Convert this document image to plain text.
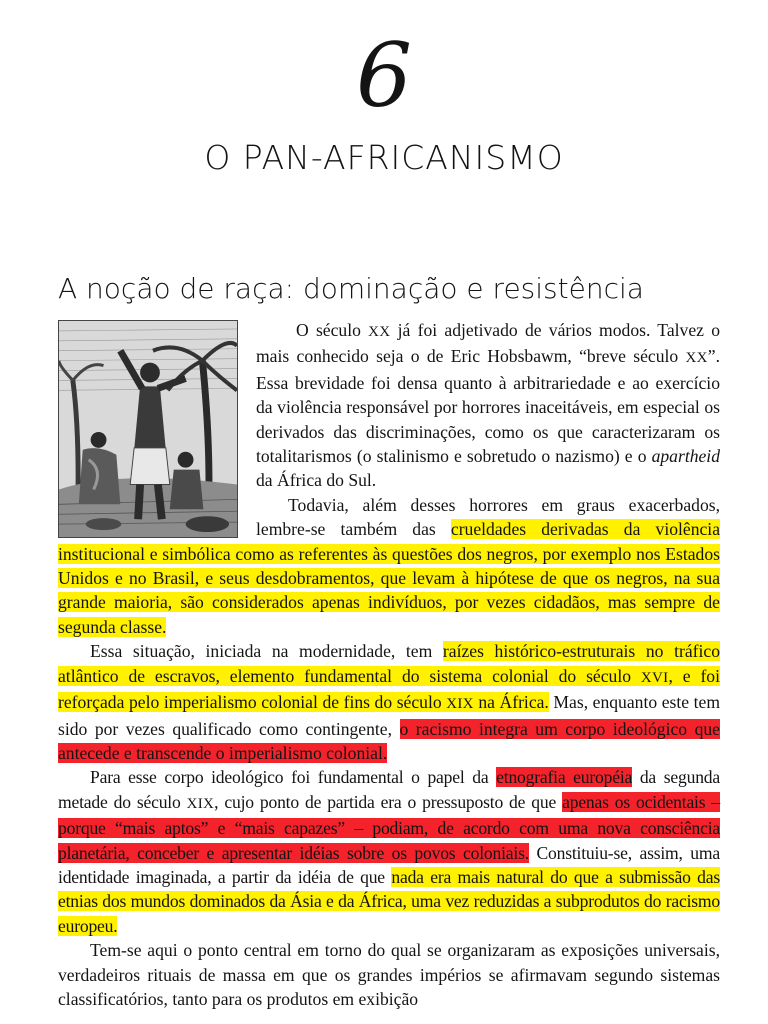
6
O PAN-AFRICANISMO
A noção de raça: dominação e resistência

O século XX já foi adjetivado de vários modos. Talvez o mais conhecido seja o de Eric Hobsbawm, “breve século XX”. Essa brevidade foi densa quanto à arbitrariedade e ao exercício da violência responsável por horrores inaceitáveis, em especial os derivados das discriminações, como os que caracterizaram os totalitarismos (o stalinismo e sobretudo o nazismo) e o apartheid da África do Sul.

Todavia, além desses horrores em graus exacerbados, lembre-se também das crueldades derivadas da violência institucional e simbólica como as referentes às questões dos negros, por exemplo nos Estados Unidos e no Brasil, e seus desdobramentos, que levam à hipótese de que os negros, na sua grande maioria, são considerados apenas indivíduos, por vezes cidadãos, mas sempre de segunda classe.

Essa situação, iniciada na modernidade, tem raízes histórico-estruturais no tráfico atlântico de escravos, elemento fundamental do sistema colonial do século XVI, e foi reforçada pelo imperialismo colonial de fins do século XIX na África. Mas, enquanto este tem sido por vezes qualificado como contingente, o racismo integra um corpo ideológico que antecede e transcende o imperialismo colonial.

Para esse corpo ideológico foi fundamental o papel da etnografia européia da segunda metade do século XIX, cujo ponto de partida era o pressuposto de que apenas os ocidentais – porque “mais aptos” e “mais capazes” – podiam, de acordo com uma nova consciência planetária, conceber e apresentar idéias sobre os povos coloniais. Constituiu-se, assim, uma identidade imaginada, a partir da idéia de que nada era mais natural do que a submissão das etnias dos mundos dominados da Ásia e da África, uma vez reduzidas a subprodutos do racismo europeu.

Tem-se aqui o ponto central em torno do qual se organizaram as exposições universais, verdadeiros rituais de massa em que os grandes impérios se afirmavam segundo sistemas classificatórios, tanto para os produtos em exibição
